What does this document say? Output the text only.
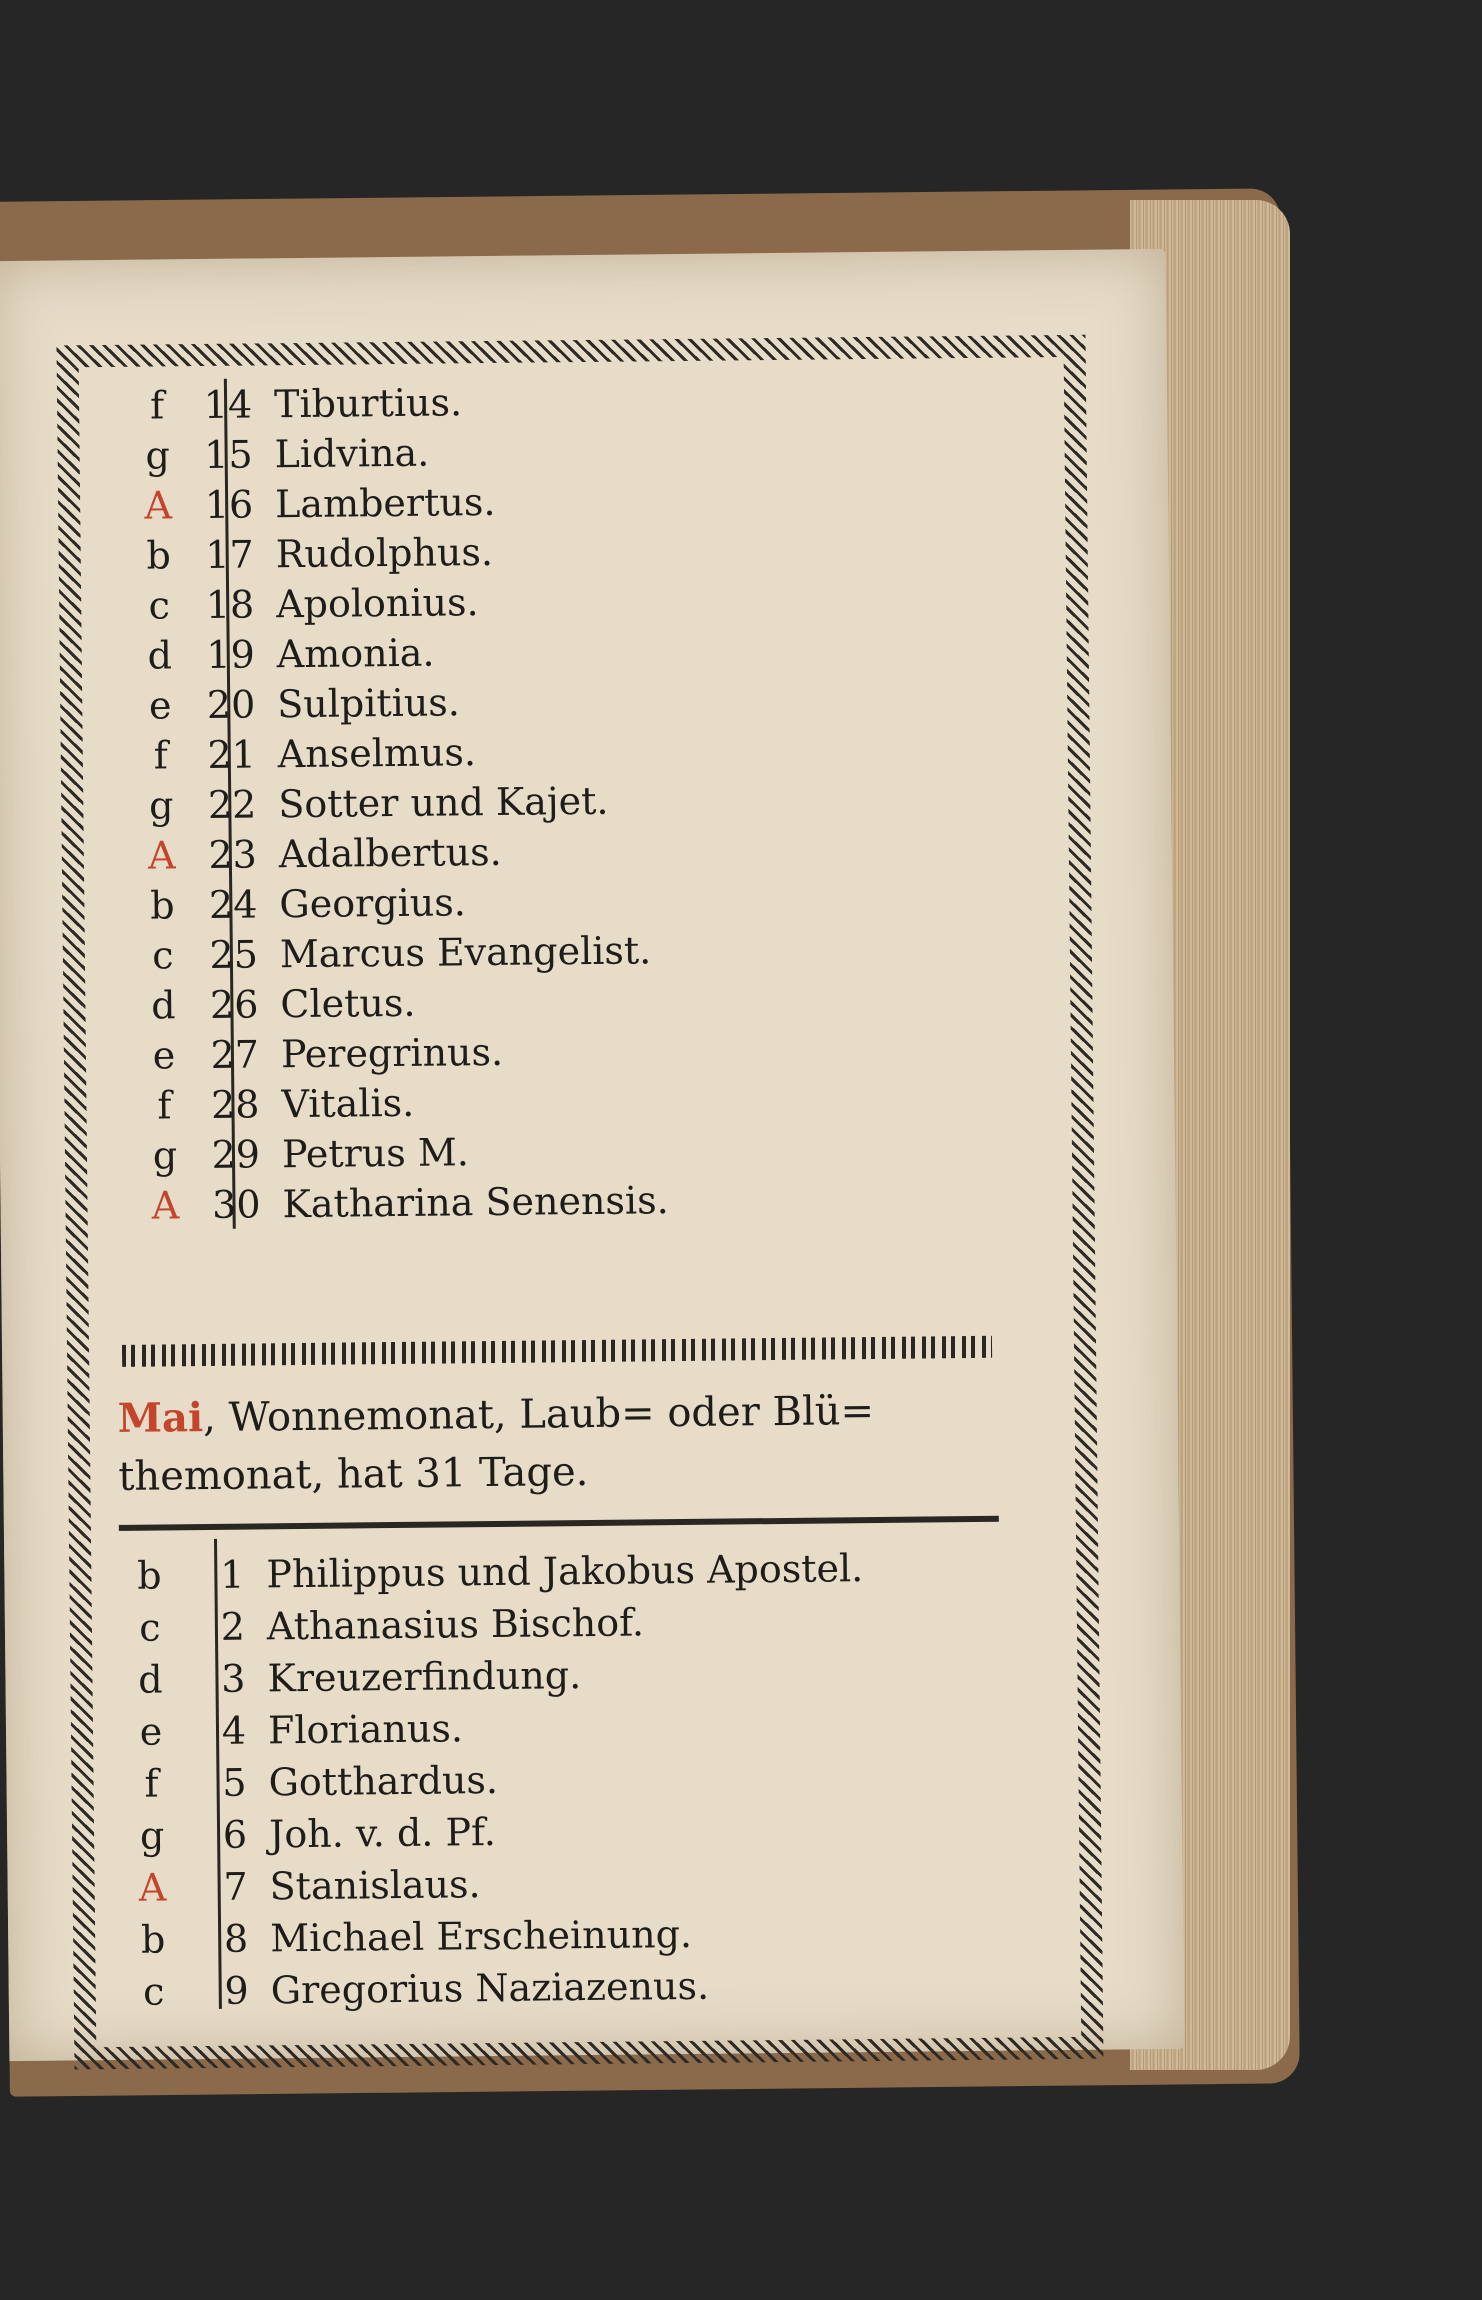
f	14 Tiburtius.
g 15 Lidvina.
A 16 Lambertus.
b 17 Rudolphus.
c 18 Apolonius.
d 19 Amonia.
e 20 Sulpitius.
f	21 Anselmus.
g 22 Sotter und Kajet.
A 23 Adalbertus.
b 24 Georgius.
c 25 Marcus Evangelist.
d 26 Cletus.
e 27 Peregrinus.
f	28 Vitalis.
g 29 Petrus M.
A 30 Katharina Senensis.
Mai, Wonnemonat, Laub= oder Blü= themonat, hat 31 Tage.
b	1 Philippus und Jakobus Apostel.
c	2 Athanasius Bischof.
d	3 Kreuzerfindung.
e	4 Florianus.
f	5 Gotthardus.
g	6 Joh. v. d. Pf.
A	7 Stanislaus.
b	8 Michael Erscheinung.
c	9 Gregorius Naziazenus.
